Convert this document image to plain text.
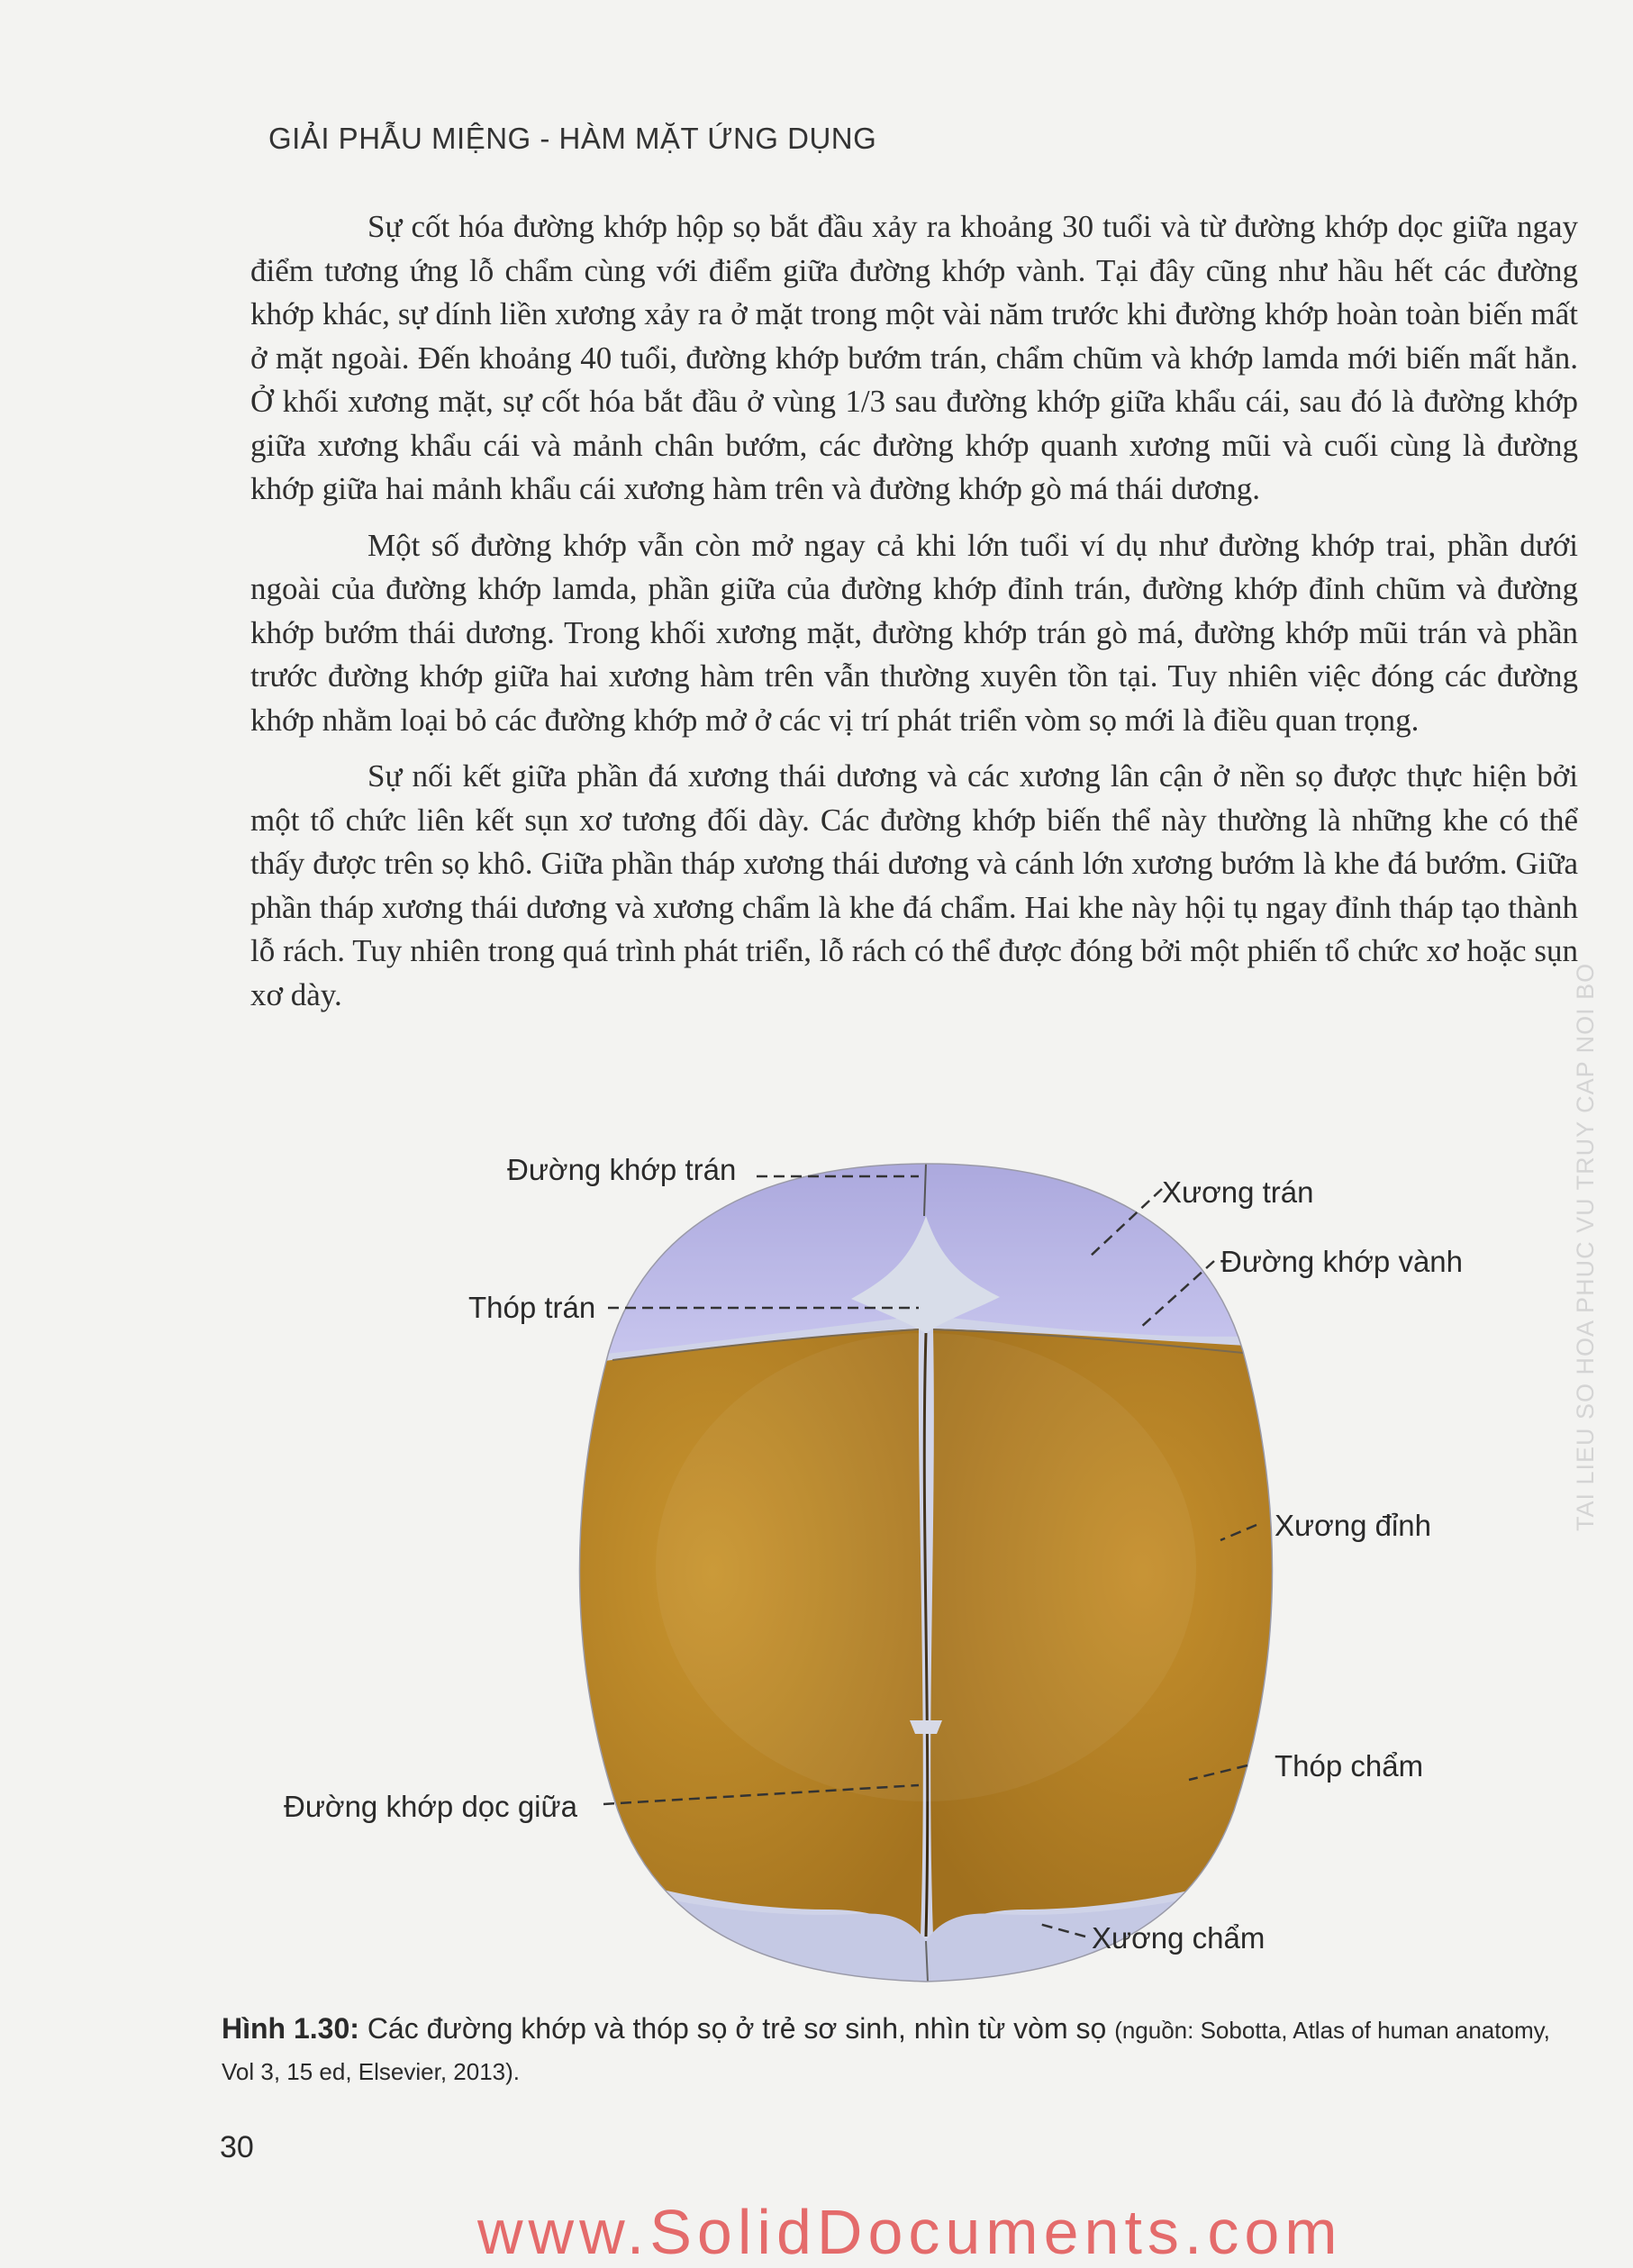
GIẢI PHẪU MIỆNG - HÀM MẶT ỨNG DỤNG

Sự cốt hóa đường khớp hộp sọ bắt đầu xảy ra khoảng 30 tuổi và từ đường khớp dọc giữa ngay điểm tương ứng lỗ chẩm cùng với điểm giữa đường khớp vành. Tại đây cũng như hầu hết các đường khớp khác, sự dính liền xương xảy ra ở mặt trong một vài năm trước khi đường khớp hoàn toàn biến mất ở mặt ngoài. Đến khoảng 40 tuổi, đường khớp bướm trán, chẩm chũm và khớp lamda mới biến mất hẳn. Ở khối xương mặt, sự cốt hóa bắt đầu ở vùng 1/3 sau đường khớp giữa khẩu cái, sau đó là đường khớp giữa xương khẩu cái và mảnh chân bướm, các đường khớp quanh xương mũi và cuối cùng là đường khớp giữa hai mảnh khẩu cái xương hàm trên và đường khớp gò má thái dương.

Một số đường khớp vẫn còn mở ngay cả khi lớn tuổi ví dụ như đường khớp trai, phần dưới ngoài của đường khớp lamda, phần giữa của đường khớp đỉnh trán, đường khớp đỉnh chũm và đường khớp bướm thái dương. Trong khối xương mặt, đường khớp trán gò má, đường khớp mũi trán và phần trước đường khớp giữa hai xương hàm trên vẫn thường xuyên tồn tại. Tuy nhiên việc đóng các đường khớp nhằm loại bỏ các đường khớp mở ở các vị trí phát triển vòm sọ mới là điều quan trọng.

Sự nối kết giữa phần đá xương thái dương và các xương lân cận ở nền sọ được thực hiện bởi một tổ chức liên kết sụn xơ tương đối dày. Các đường khớp biến thể này thường là những khe có thể thấy được trên sọ khô. Giữa phần tháp xương thái dương và cánh lớn xương bướm là khe đá bướm. Giữa phần tháp xương thái dương và xương chẩm là khe đá chẩm. Hai khe này hội tụ ngay đỉnh tháp tạo thành lỗ rách. Tuy nhiên trong quá trình phát triển, lỗ rách có thể được đóng bởi một phiến tổ chức xơ hoặc sụn xơ dày.

Đường khớp trán
Xương trán
Đường khớp vành
Thóp trán
Xương đỉnh
Thóp chẩm
Đường khớp dọc giữa
Xương chẩm
Hình 1.30: Các đường khớp và thóp sọ ở trẻ sơ sinh, nhìn từ vòm sọ (nguồn: Sobotta, Atlas of human anatomy, Vol 3, 15 ed, Elsevier, 2013).
30
TAI LIEU SO HOA PHUC VU TRUY CAP NOI BO
www.SolidDocuments.com
